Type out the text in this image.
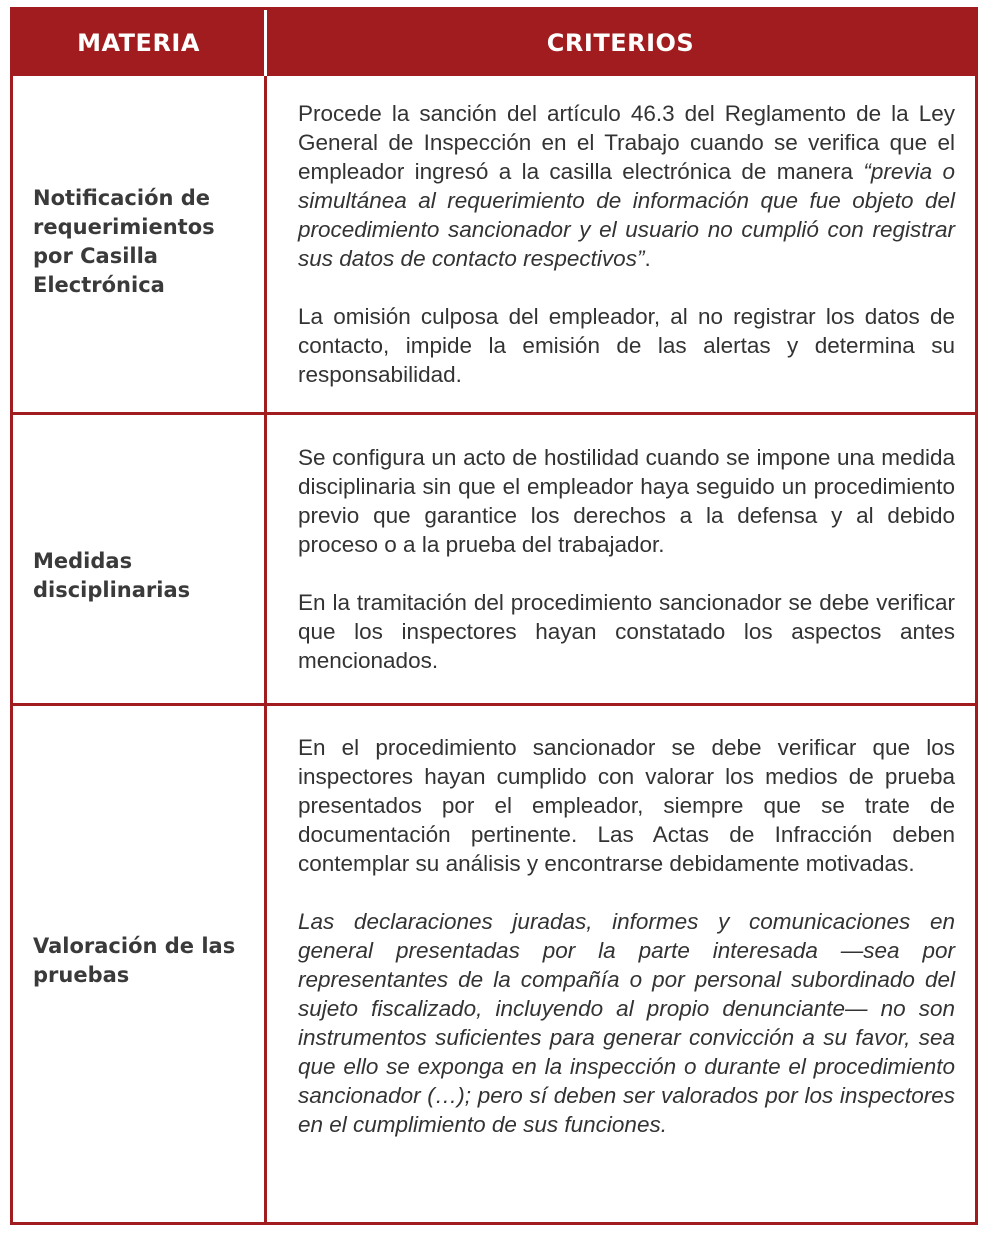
MATERIA	CRITERIOS
Notificación de requerimientos por Casilla Electrónica

Procede la sanción del artículo 46.3 del Reglamento de la Ley General de Inspección en el Trabajo cuando se verifica que el empleador ingresó a la casilla electrónica de manera “previa o simultánea al requerimiento de información que fue objeto del procedimiento sancionador y el usuario no cumplió con registrar sus datos de contacto respectivos”.

La omisión culposa del empleador, al no registrar los datos de contacto, impide la emisión de las alertas y determina su responsabilidad.

Medidas disciplinarias

Se configura un acto de hostilidad cuando se impone una medida disciplinaria sin que el empleador haya seguido un procedimiento previo que garantice los derechos a la defensa y al debido proceso o a la prueba del trabajador.

En la tramitación del procedimiento sancionador se debe verificar que los inspectores hayan constatado los aspectos antes mencionados.

Valoración de las pruebas

En el procedimiento sancionador se debe verificar que los inspectores hayan cumplido con valorar los medios de prueba presentados por el empleador, siempre que se trate de documentación pertinente. Las Actas de Infracción deben contemplar su análisis y encontrarse debidamente motivadas.

Las declaraciones juradas, informes y comunicaciones en general presentadas por la parte interesada —sea por representantes de la compañía o por personal subordinado del sujeto fiscalizado, incluyendo al propio denunciante— no son instrumentos suficientes para generar convicción a su favor, sea que ello se exponga en la inspección o durante el procedimiento sancionador (…); pero sí deben ser valorados por los inspectores en el cumplimiento de sus funciones.
